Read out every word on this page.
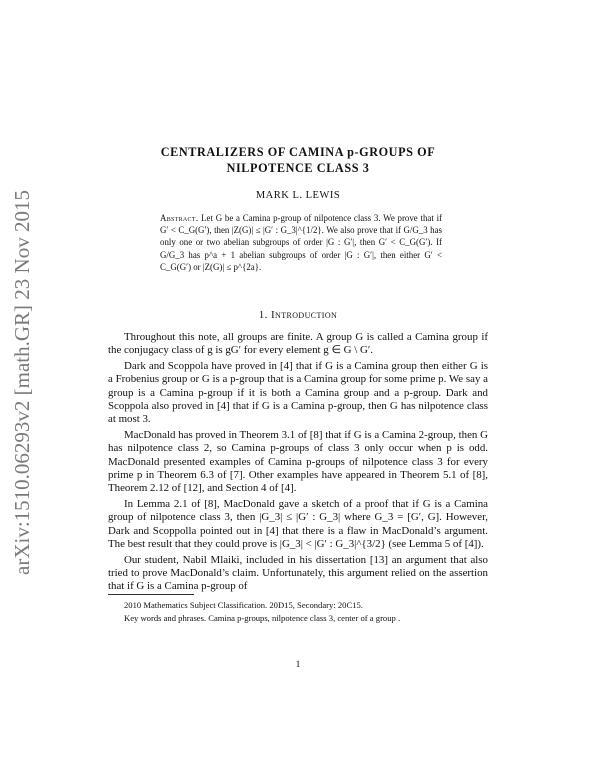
arXiv:1510.06293v2 [math.GR] 23 Nov 2015
CENTRALIZERS OF CAMINA p-GROUPS OF
NILPOTENCE CLASS 3
MARK L. LEWIS
Abstract. Let G be a Camina p-group of nilpotence class 3. We prove that if G′ < C_G(G′), then |Z(G)| ≤ |G′ : G_3|^{1/2}. We also prove that if G/G_3 has only one or two abelian subgroups of order |G : G′|, then G′ < C_G(G′). If G/G_3 has p^a + 1 abelian subgroups of order |G : G′|, then either G′ < C_G(G′) or |Z(G)| ≤ p^{2a}.
1. Introduction

Throughout this note, all groups are finite. A group G is called a Camina group if the conjugacy class of g is gG′ for every element g ∈ G \ G′.

Dark and Scoppola have proved in [4] that if G is a Camina group then either G is a Frobenius group or G is a p-group that is a Camina group for some prime p. We say a group is a Camina p-group if it is both a Camina group and a p-group. Dark and Scoppola also proved in [4] that if G is a Camina p-group, then G has nilpotence class at most 3.

MacDonald has proved in Theorem 3.1 of [8] that if G is a Camina 2-group, then G has nilpotence class 2, so Camina p-groups of class 3 only occur when p is odd. MacDonald presented examples of Camina p-groups of nilpotence class 3 for every prime p in Theorem 6.3 of [7]. Other examples have appeared in Theorem 5.1 of [8], Theorem 2.12 of [12], and Section 4 of [4].

In Lemma 2.1 of [8], MacDonald gave a sketch of a proof that if G is a Camina group of nilpotence class 3, then |G_3| ≤ |G′ : G_3| where G_3 = [G′, G]. However, Dark and Scoppolla pointed out in [4] that there is a flaw in MacDonald’s argument. The best result that they could prove is |G_3| < |G′ : G_3|^{3/2} (see Lemma 5 of [4]).

Our student, Nabil Mlaiki, included in his dissertation [13] an argument that also tried to prove MacDonald’s claim. Unfortunately, this argument relied on the assertion that if G is a Camina p-group of

2010 Mathematics Subject Classification. 20D15, Secondary: 20C15.

Key words and phrases. Camina p-groups, nilpotence class 3, center of a group .

1
